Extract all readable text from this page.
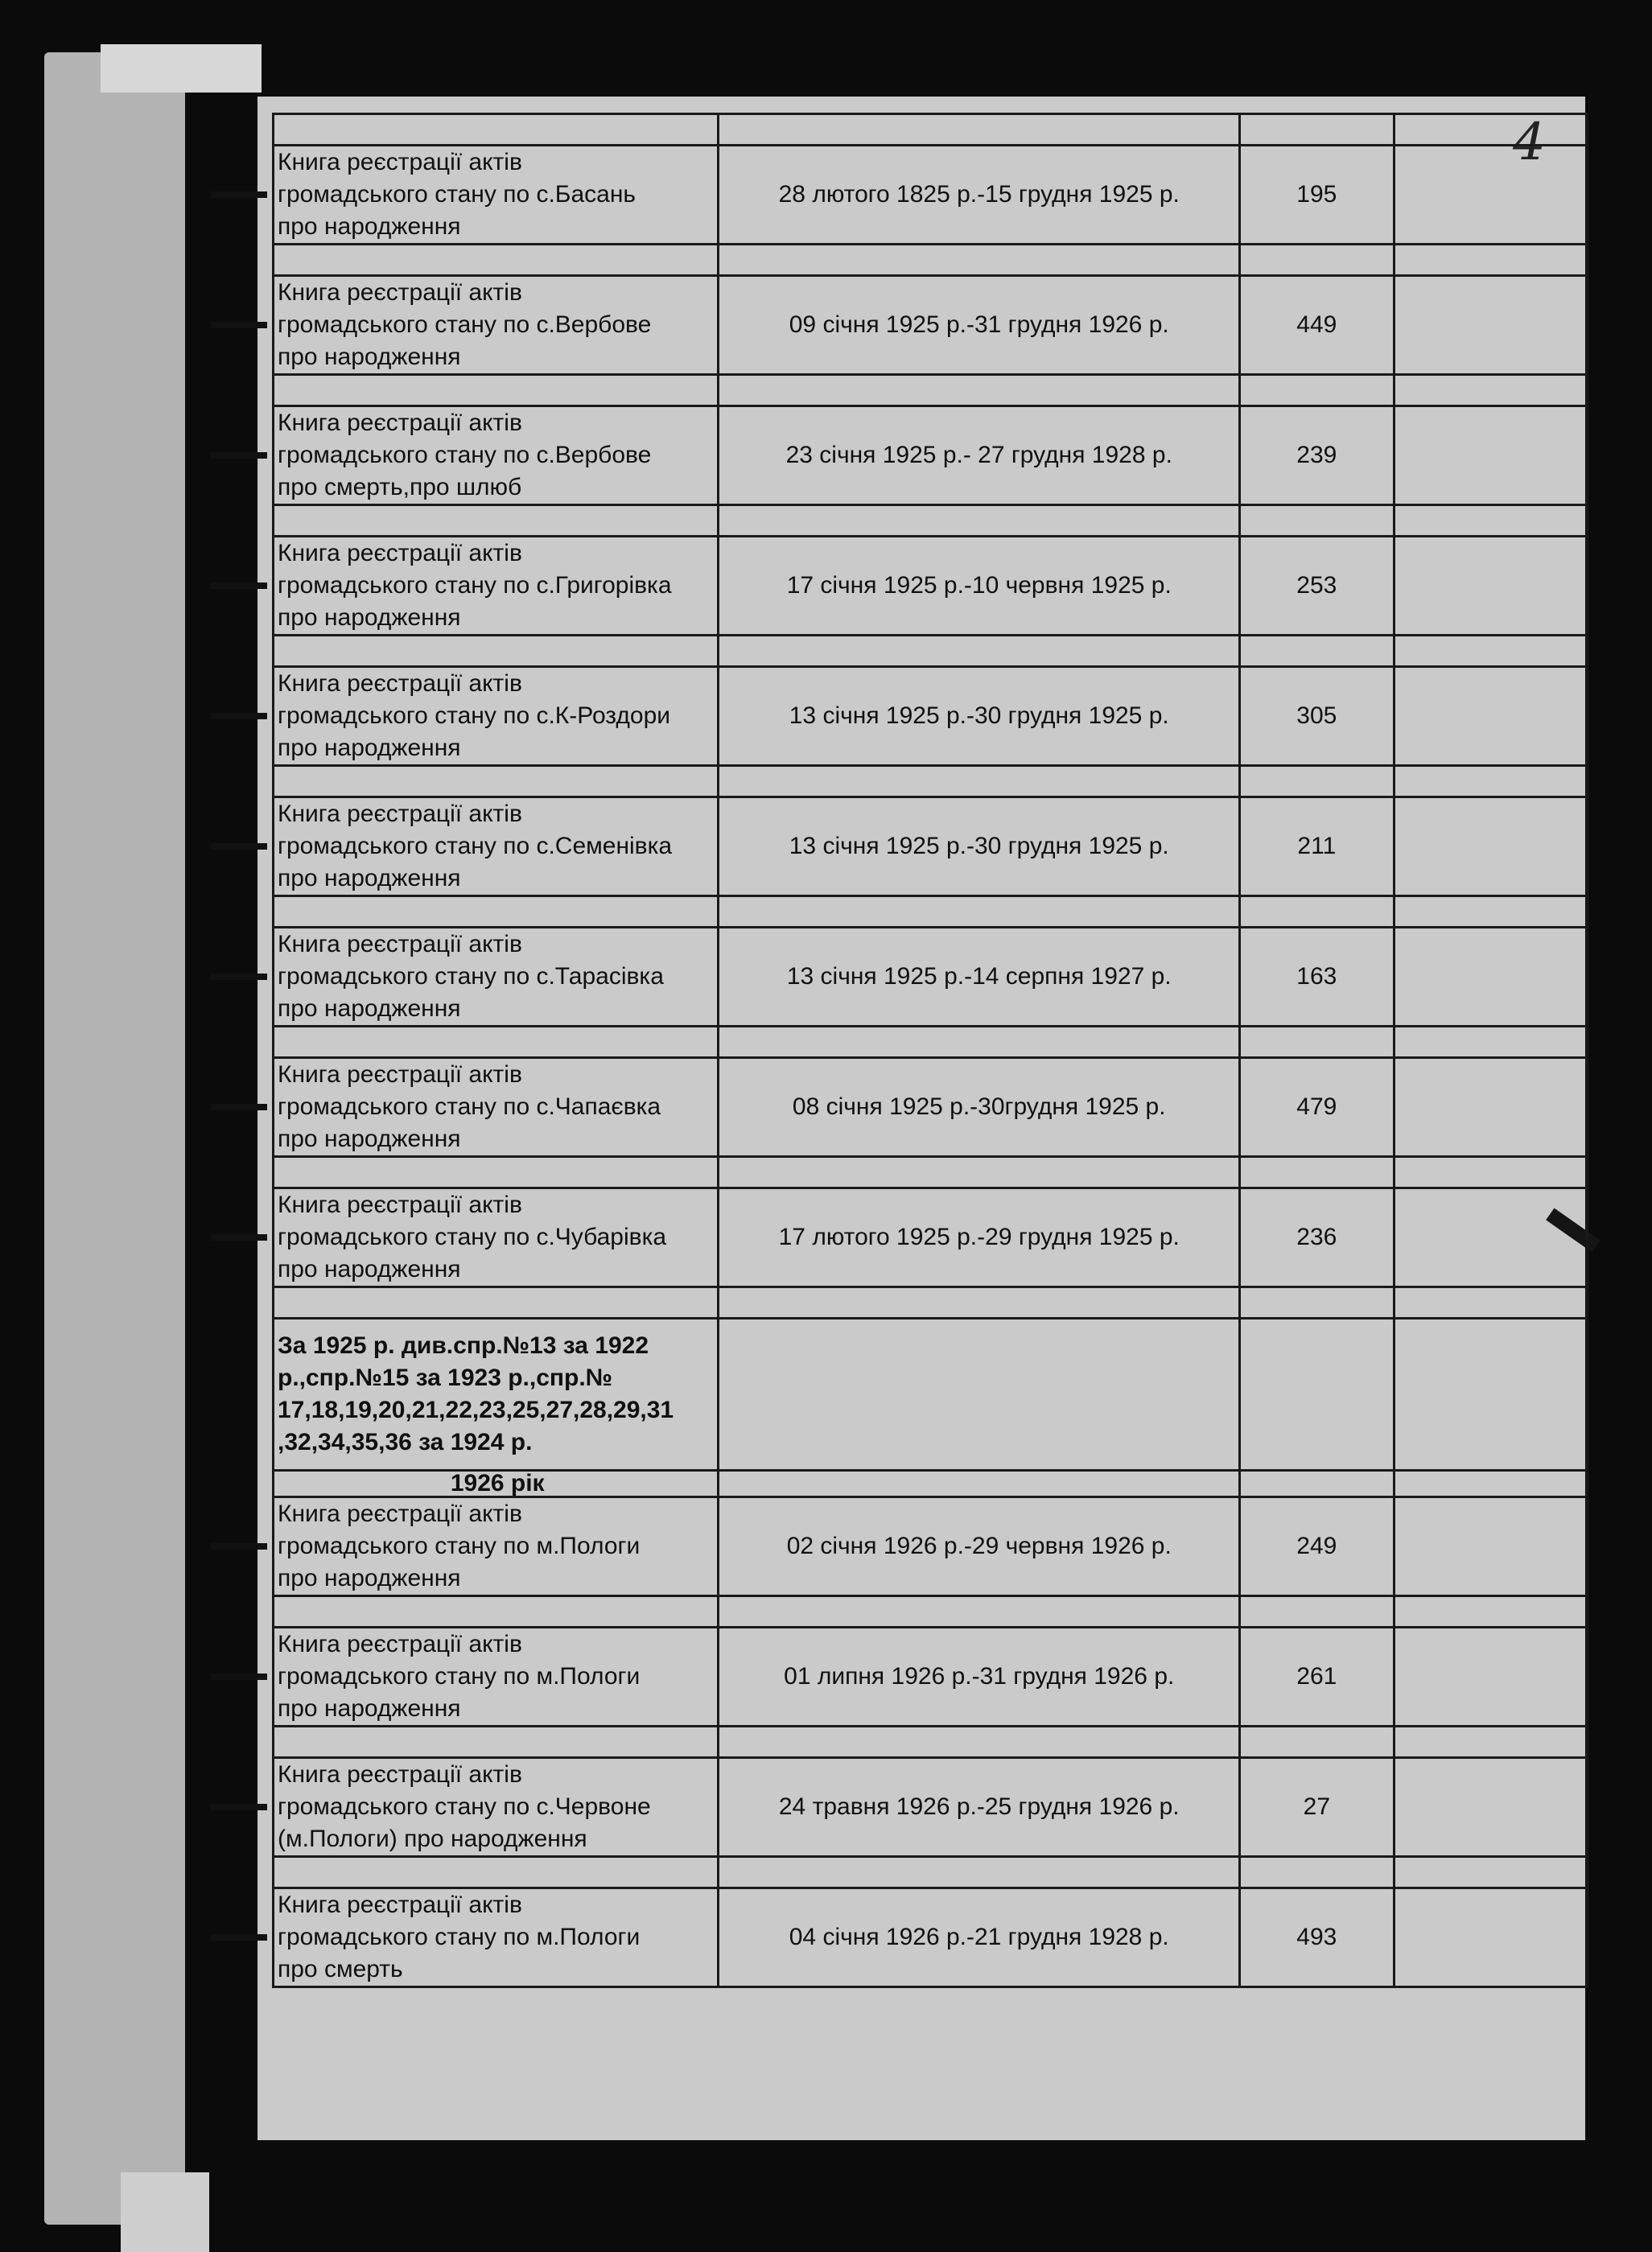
4

Книга реєстрації актів
громадського стану по с.Басань
про народження	28 лютого 1825 р.-15 грудня 1925 р.	195	

Книга реєстрації актів
громадського стану по с.Вербове
про народження	09 січня 1925 р.-31 грудня 1926 р.	449	

Книга реєстрації актів
громадського стану по с.Вербове
про смерть,про шлюб	23 січня 1925 р.- 27 грудня 1928 р.	239	

Книга реєстрації актів
громадського стану по с.Григорівка
про народження	17 січня 1925 р.-10 червня 1925 р.	253	

Книга реєстрації актів
громадського стану по с.К-Роздори
про народження	13 січня 1925 р.-30 грудня 1925 р.	305	

Книга реєстрації актів
громадського стану по с.Семенівка
про народження	13 січня 1925 р.-30 грудня 1925 р.	211	

Книга реєстрації актів
громадського стану по с.Тарасівка
про народження	13 січня 1925 р.-14 серпня 1927 р.	163	

Книга реєстрації актів
громадського стану по с.Чапаєвка
про народження	08 січня 1925 р.-30грудня 1925 р.	479	

Книга реєстрації актів
громадського стану по с.Чубарівка
про народження	17 лютого 1925 р.-29 грудня 1925 р.	236	

За 1925 р. див.спр.№13 за 1922
р.,спр.№15 за 1923 р.,спр.№
17,18,19,20,21,22,23,25,27,28,29,31
,32,34,35,36 за 1924 р.			
1926 рік			
Книга реєстрації актів
громадського стану по м.Пологи
про народження	02 січня 1926 р.-29 червня 1926 р.	249	

Книга реєстрації актів
громадського стану по м.Пологи
про народження	01 липня 1926 р.-31 грудня 1926 р.	261	

Книга реєстрації актів
громадського стану по с.Червоне
(м.Пологи) про народження	24 травня 1926 р.-25 грудня 1926 р.	27	

Книга реєстрації актів
громадського стану по м.Пологи
про смерть	04 січня 1926 р.-21 грудня 1928 р.	493	
